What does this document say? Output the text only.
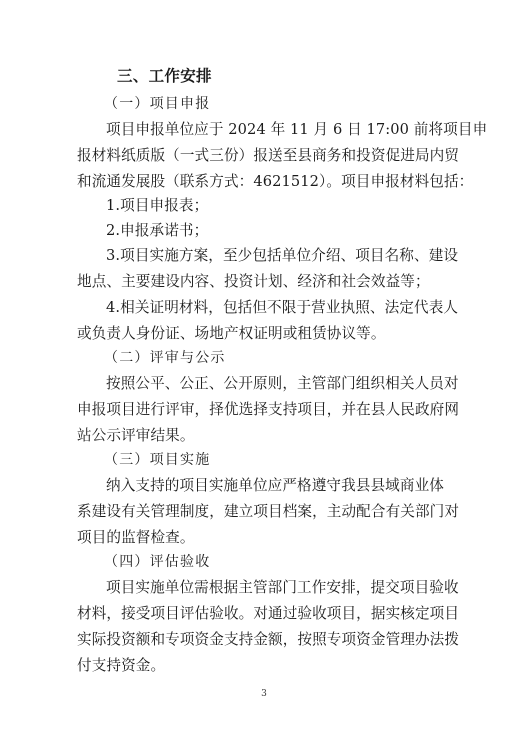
三、工作安排
（一）项目申报
项目申报单位应于 2024 年 11 月 6 日 17:00 前将项目申
报材料纸质版（一式三份）报送至县商务和投资促进局内贸
和流通发展股（联系方式：4621512）。项目申报材料包括：
1.项目申报表；
2.申报承诺书；
3.项目实施方案，至少包括单位介绍、项目名称、建设
地点、主要建设内容、投资计划、经济和社会效益等；
4.相关证明材料，包括但不限于营业执照、法定代表人
或负责人身份证、场地产权证明或租赁协议等。
（二）评审与公示
按照公平、公正、公开原则，主管部门组织相关人员对
申报项目进行评审，择优选择支持项目，并在县人民政府网
站公示评审结果。
（三）项目实施
纳入支持的项目实施单位应严格遵守我县县域商业体
系建设有关管理制度，建立项目档案，主动配合有关部门对
项目的监督检查。
（四）评估验收
项目实施单位需根据主管部门工作安排，提交项目验收
材料，接受项目评估验收。对通过验收项目，据实核定项目
实际投资额和专项资金支持金额，按照专项资金管理办法拨
付支持资金。
3
